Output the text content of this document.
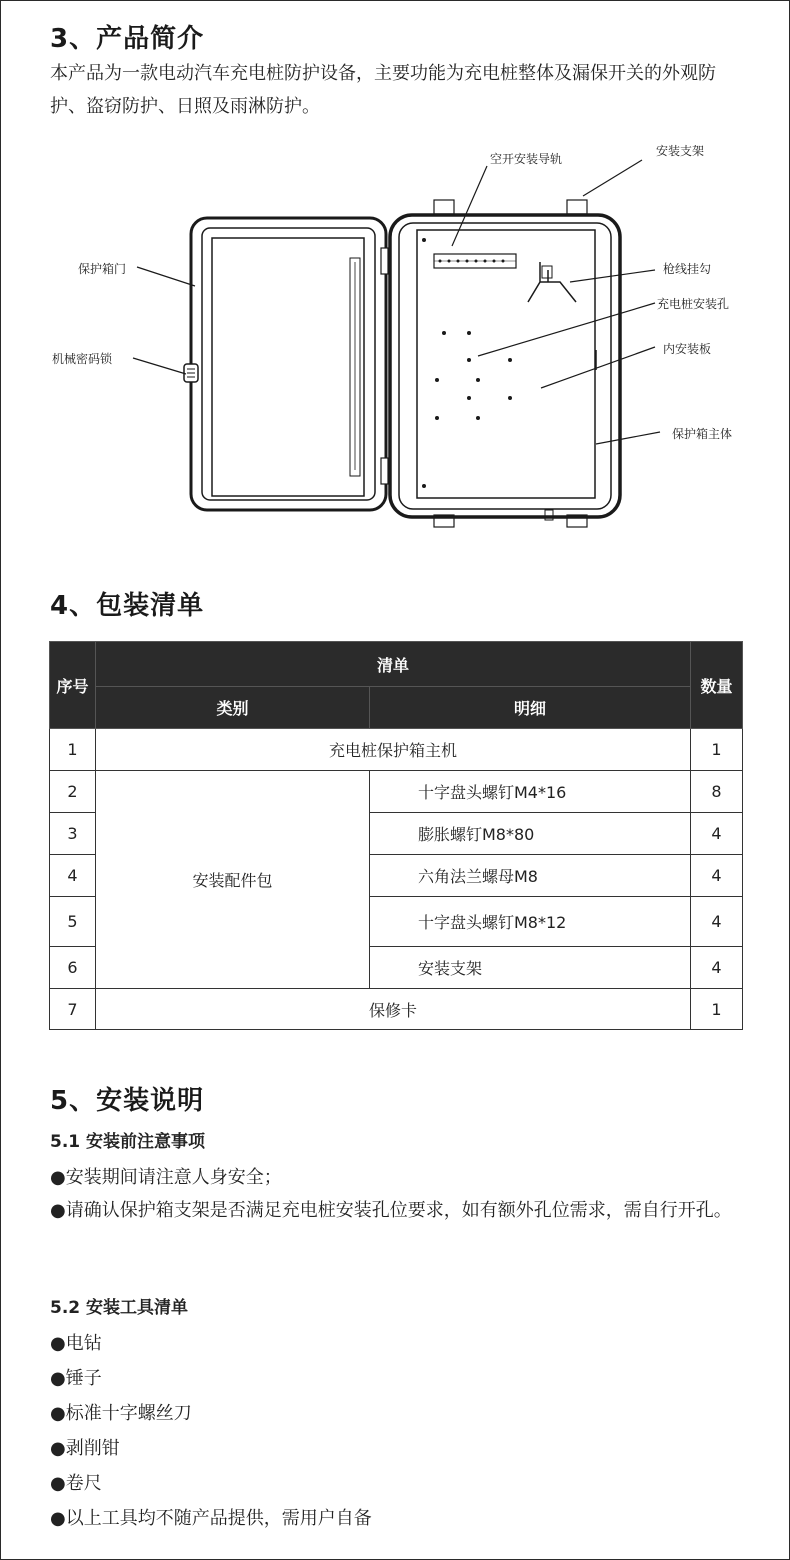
3、产品简介

本产品为一款电动汽车充电桩防护设备，主要功能为充电桩整体及漏保开关的外观防护、盗窃防护、日照及雨淋防护。

保护箱门
机械密码锁
空开安装导轨
安装支架
枪线挂勾
充电桩安装孔
内安装板
保护箱主体
4、包装清单
序号	清单		数量
	类别	明细	
1	充电桩保护箱主机		1
2	安装配件包	十字盘头螺钉M4*16	8
3		膨胀螺钉M8*80	4
4		六角法兰螺母M8	4
5		十字盘头螺钉M8*12	4
6		安装支架	4
7	保修卡		1
5、安装说明
5.1 安装前注意事项

●安装期间请注意人身安全；

●请确认保护箱支架是否满足充电桩安装孔位要求，如有额外孔位需求，需自行开孔。

5.2 安装工具清单

●电钻

●锤子

●标准十字螺丝刀

●剥削钳

●卷尺

●以上工具均不随产品提供，需用户自备
